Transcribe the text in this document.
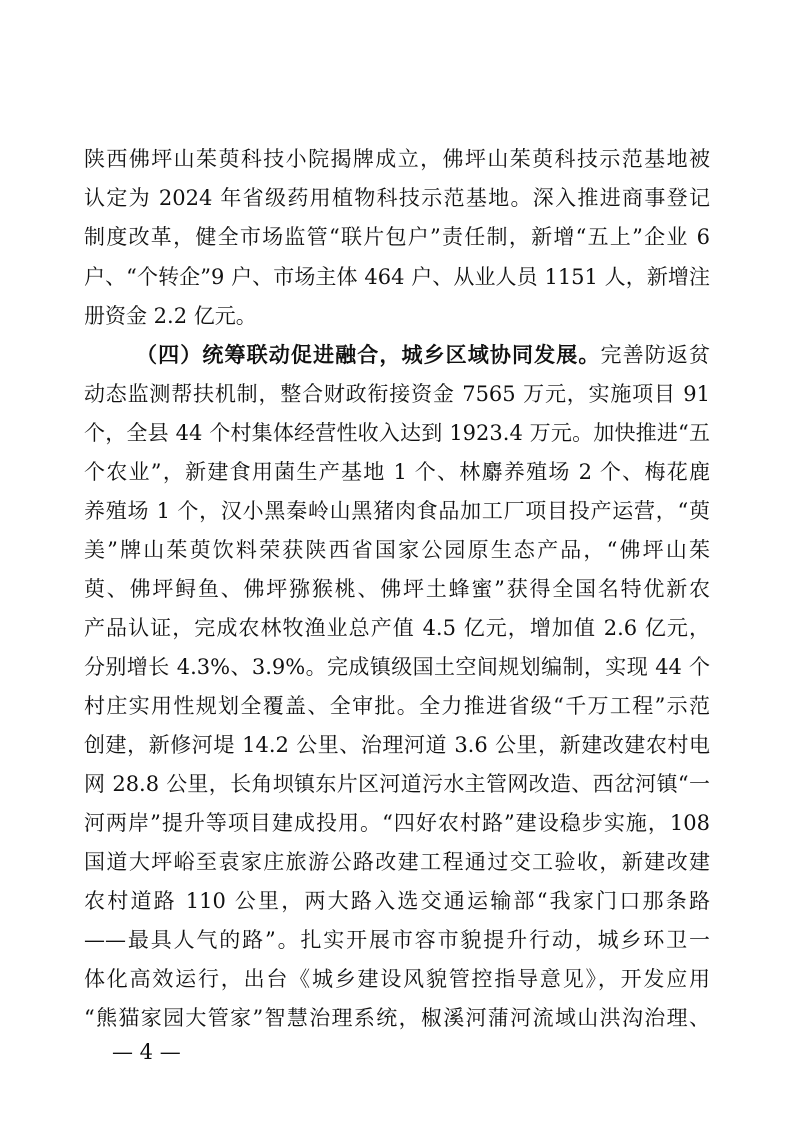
陕西佛坪山茱萸科技小院揭牌成立，佛坪山茱萸科技示范基地被
认定为 2024 年省级药用植物科技示范基地。深入推进商事登记
制度改革，健全市场监管“联片包户”责任制，新增“五上”企业 6
户、“个转企”9 户、市场主体 464 户、从业人员 1151 人，新增注
册资金 2.2 亿元。
（四）统筹联动促进融合，城乡区域协同发展。完善防返贫
动态监测帮扶机制，整合财政衔接资金 7565 万元，实施项目 91
个，全县 44 个村集体经营性收入达到 1923.4 万元。加快推进“五
个农业”，新建食用菌生产基地 1 个、林麝养殖场 2 个、梅花鹿
养殖场 1 个，汉小黑秦岭山黑猪肉食品加工厂项目投产运营，“萸
美”牌山茱萸饮料荣获陕西省国家公园原生态产品，“佛坪山茱
萸、佛坪鲟鱼、佛坪猕猴桃、佛坪土蜂蜜”获得全国名特优新农
产品认证，完成农林牧渔业总产值 4.5 亿元，增加值 2.6 亿元，
分别增长 4.3%、3.9%。完成镇级国土空间规划编制，实现 44 个
村庄实用性规划全覆盖、全审批。全力推进省级“千万工程”示范
创建，新修河堤 14.2 公里、治理河道 3.6 公里，新建改建农村电
网 28.8 公里，长角坝镇东片区河道污水主管网改造、西岔河镇“一
河两岸”提升等项目建成投用。“四好农村路”建设稳步实施，108
国道大坪峪至袁家庄旅游公路改建工程通过交工验收，新建改建
农村道路 110 公里，两大路入选交通运输部“我家门口那条路
——最具人气的路”。扎实开展市容市貌提升行动，城乡环卫一
体化高效运行，出台《城乡建设风貌管控指导意见》，开发应用
“熊猫家园大管家”智慧治理系统，椒溪河蒲河流域山洪沟治理、
— 4 —
